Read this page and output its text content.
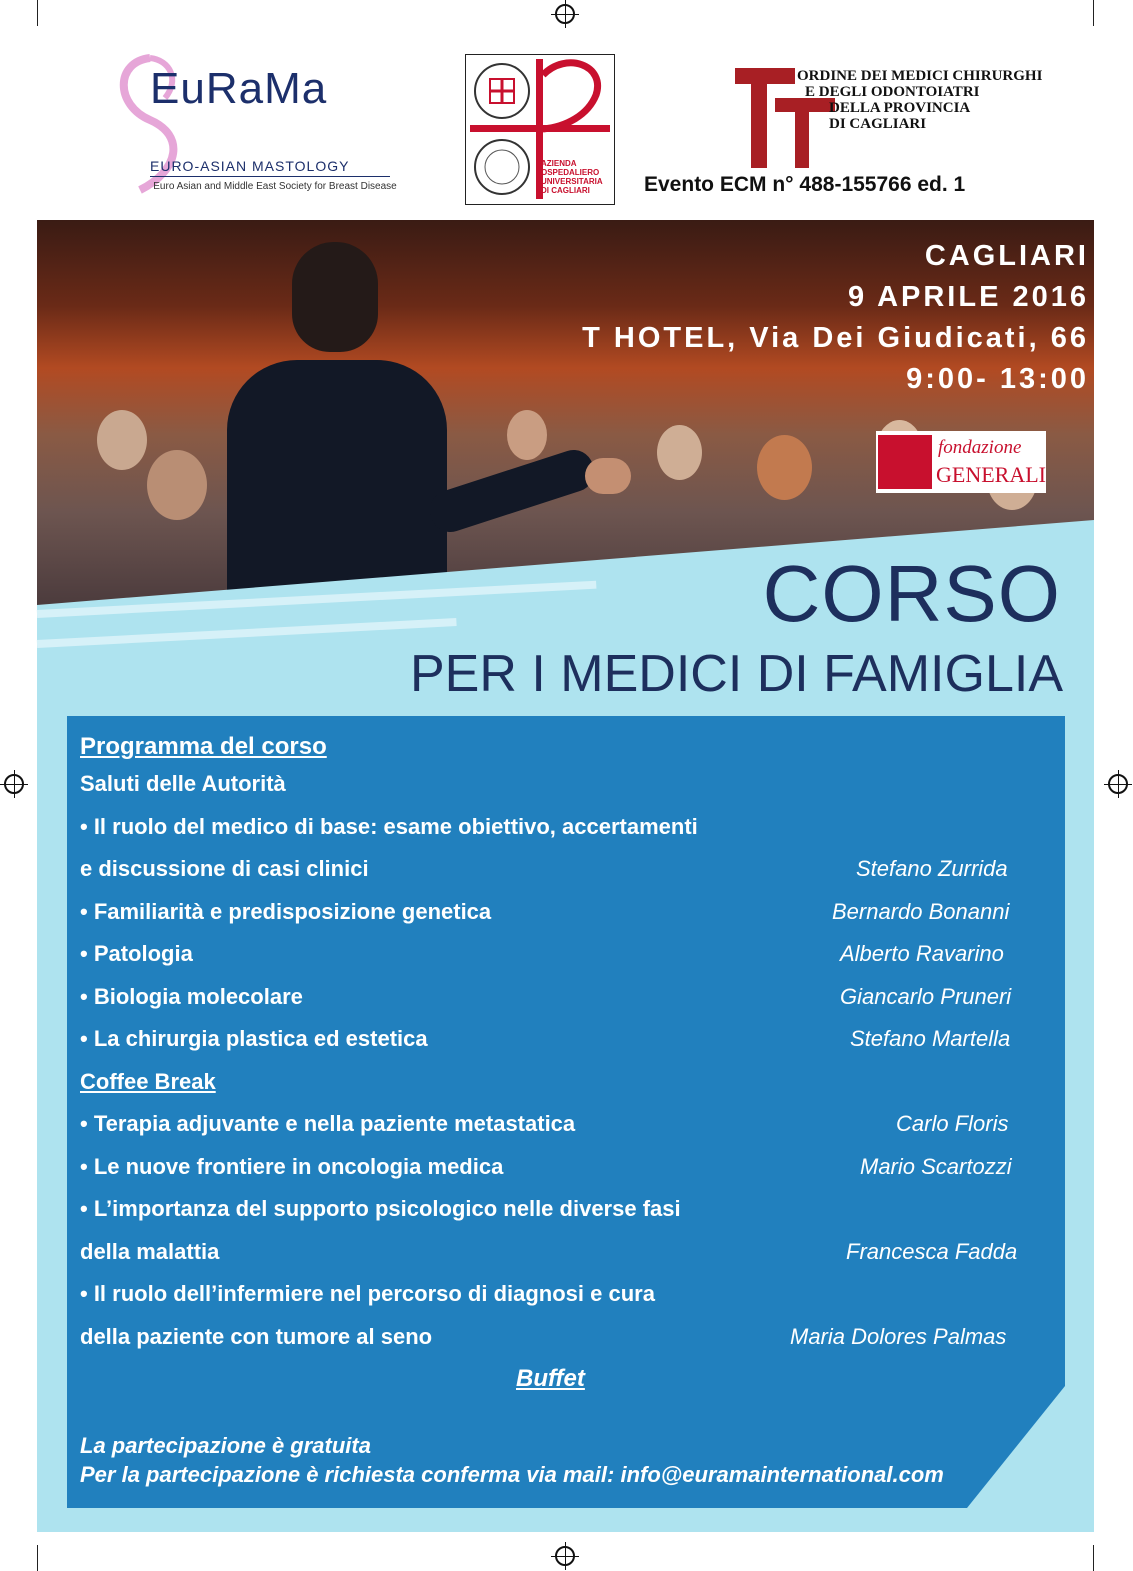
EuRaMa
EURO-ASIAN MASTOLOGY
Euro Asian and Middle East Society for Breast Disease
AZIENDA OSPEDALIERO UNIVERSITARIA DI CAGLIARI
ORDINE DEI MEDICI CHIRURGHI
E DEGLI ODONTOIATRI
DELLA PROVINCIA
DI CAGLIARI
Evento ECM n° 488-155766 ed. 1
CAGLIARI
9 APRILE 2016
T HOTEL, Via Dei Giudicati, 66
9:00- 13:00
fondazione
GENERALI
CORSO
PER I MEDICI DI FAMIGLIA
Programma del corso
Saluti delle Autorità
• Il ruolo del medico di base: esame obiettivo, accertamenti
e discussione di casi clinici	Stefano Zurrida
• Familiarità e predisposizione genetica	Bernardo Bonanni
• Patologia	Alberto Ravarino
• Biologia molecolare	Giancarlo Pruneri
• La chirurgia plastica ed estetica	Stefano Martella
Coffee Break
• Terapia adjuvante e nella paziente metastatica	Carlo Floris
• Le nuove frontiere in oncologia medica	Mario Scartozzi
• L’importanza del supporto psicologico nelle diverse fasi
della malattia	Francesca Fadda
• Il ruolo dell’infermiere nel percorso di diagnosi e cura
della paziente con tumore al seno	Maria Dolores Palmas
Buffet
La partecipazione è gratuita
Per la partecipazione è richiesta conferma via mail: info@euramainternational.com
